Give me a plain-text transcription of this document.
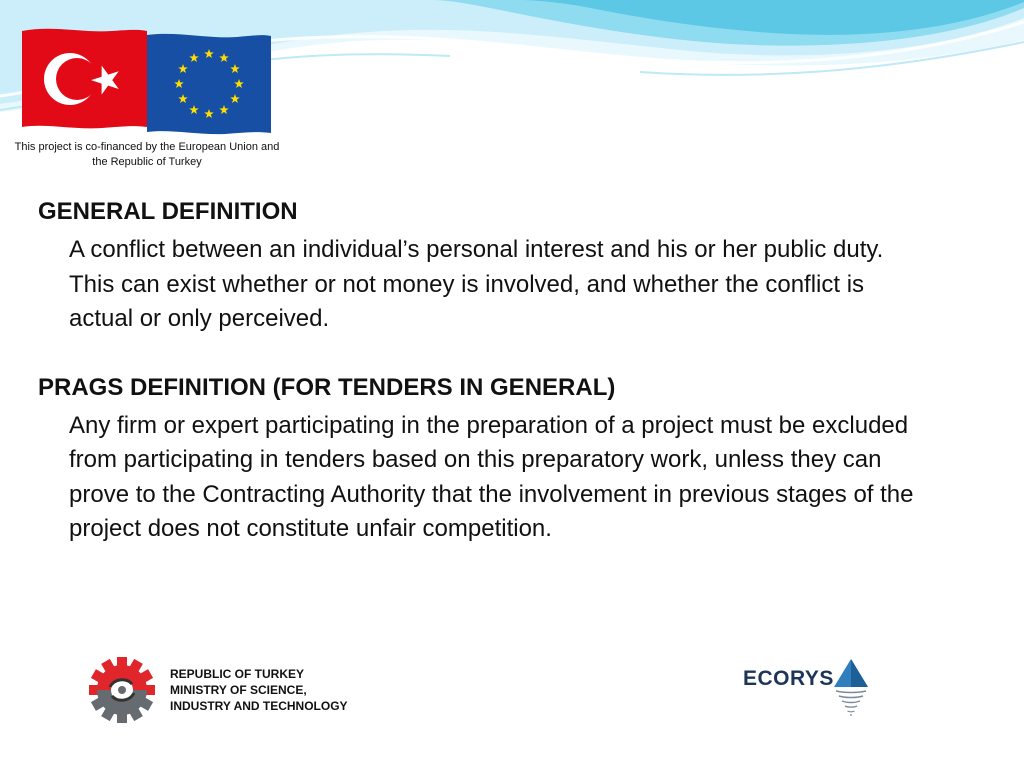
This project is co-financed by the European Union and the Republic of Turkey
GENERAL DEFINITION
A conflict between an individual’s personal interest and his or her public duty. This can exist whether or not money is involved, and whether the conflict is actual or only perceived.
PRAGS DEFINITION (FOR TENDERS IN GENERAL)
Any firm or expert participating in the preparation of a project must be excluded from participating in tenders based on this preparatory work, unless they can prove to the Contracting Authority that the involvement in previous stages of the project does not constitute unfair competition.
REPUBLIC OF TURKEY
MINISTRY OF SCIENCE,
INDUSTRY AND TECHNOLOGY
ECORYS
